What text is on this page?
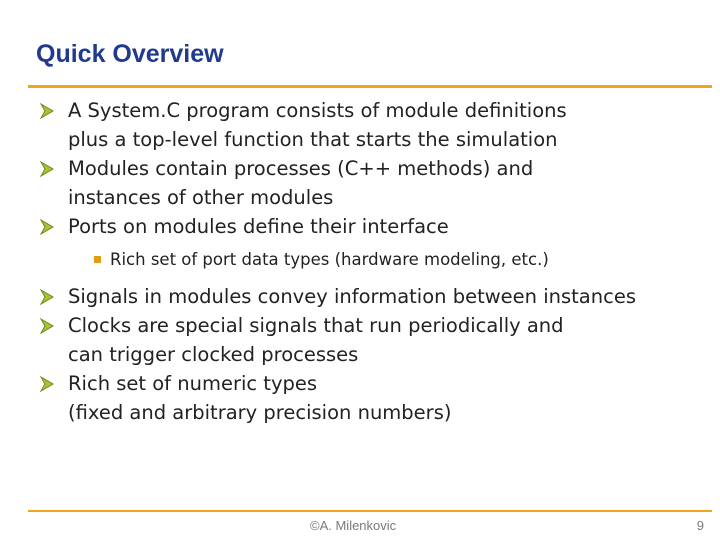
Quick Overview
A System.C program consists of module definitions
plus a top-level function that starts the simulation
Modules contain processes (C++ methods) and
instances of other modules
Ports on modules define their interface
Rich set of port data types (hardware modeling, etc.)
Signals in modules convey information between instances
Clocks are special signals that run periodically and
can trigger clocked processes
Rich set of numeric types
(fixed and arbitrary precision numbers)
©A. Milenkovic	9
